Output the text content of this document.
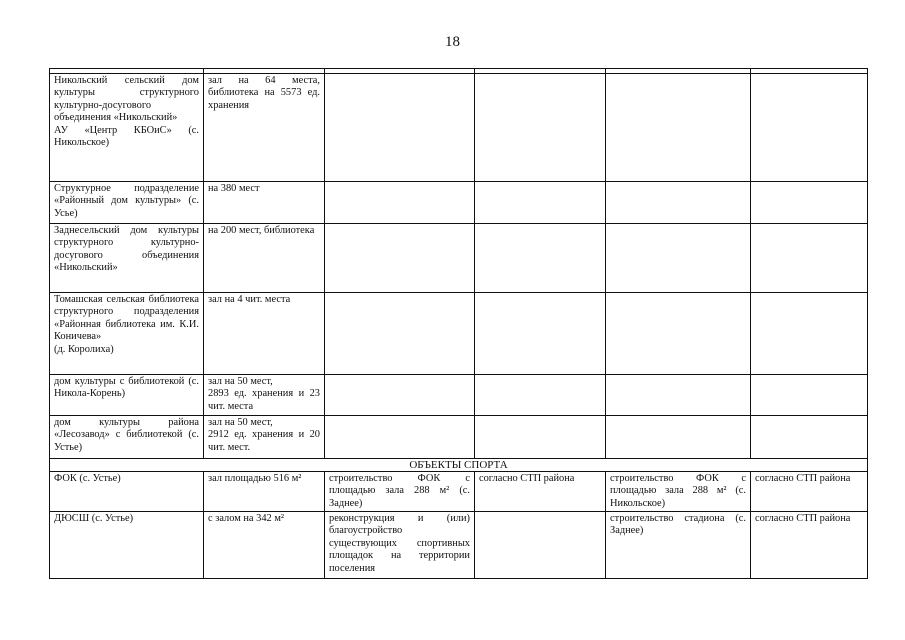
18

Никольский сельский дом культуры структурного культурно-досугового объединения «Никольский»
АУ «Центр КБОиС» (с. Никольское)	зал на 64 места, библиотека на 5573 ед. хранения				
Структурное подразделение «Районный дом культуры» (с. Усье)	на 380 мест				
Заднесельский дом культуры структурного культурно-досугового объединения «Никольский»	на 200 мест, библиотека				
Томашская сельская библиотека структурного подразделения «Районная библиотека им. К.И. Коничева»
(д. Королиха)	зал на 4 чит. места				
дом культуры с библиотекой (с. Никола-Корень)	зал на 50 мест,
2893 ед. хранения и 23 чит. места				
дом культуры района «Лесозавод» с библиотекой (с. Устье)	зал на 50 мест,
2912 ед. хранения и 20 чит. мест.				
ОБЪЕКТЫ СПОРТА					
ФОК (с. Устье)	зал площадью 516 м²	строительство ФОК с площадью зала 288 м² (с. Заднее)	согласно СТП района	строительство ФОК с площадью зала 288 м² (с. Никольское)	согласно СТП района
ДЮСШ (с. Устье)	с залом на 342 м²	реконструкция и (или) благоустройство существующих спортивных площадок на территории поселения		строительство стадиона (с. Заднее)	согласно СТП района
